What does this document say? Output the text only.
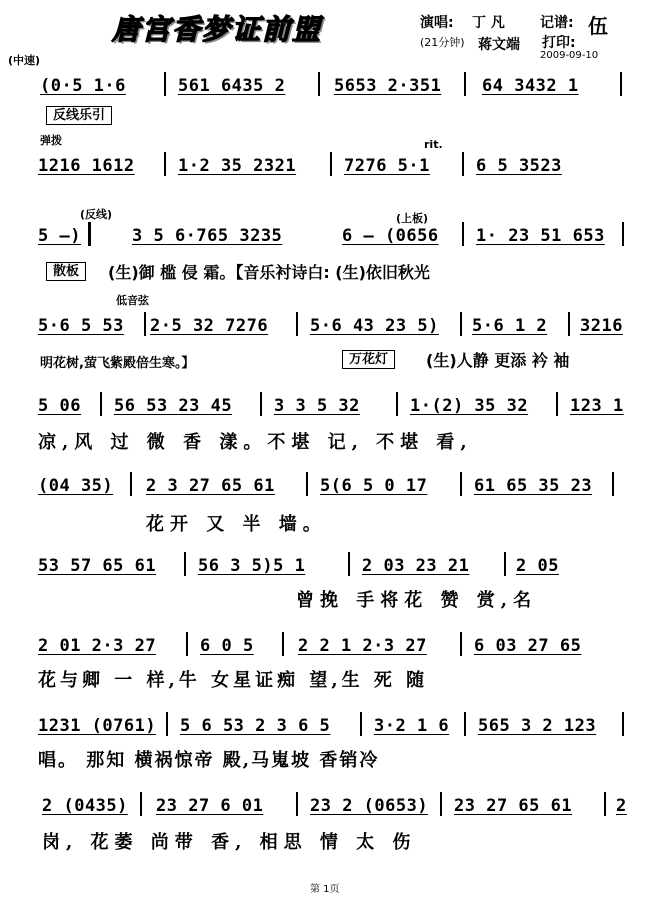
唐宫香梦证前盟	演唱: 丁 凡
(21分钟) 蒋文端
记谱: 伍
打印:
2009-09-10
(中速)
(0·5 1·6	561 6435 2	5653 2·351 64 3432 1
反线乐引
弹拨	rit.
1216 1612	1·2 35 2321	7276 5·1	6 5 3523
(反线)	(上板)
5 –)	3 5 6·765 3235	6 – (0656 1· 23 51 653
散板	(生)御 槛 侵 霜。【音乐衬诗白: (生)依旧秋光
低音弦
5·6 5 53 2·5 32 7276 5·6 43 23 5) 5·6 1 2 3216
明花树,萤飞紫殿倍生寒。】	万花灯	(生)人静 更添 衿 袖
5 06 56 53 23 45 3 3 5 32	1·(2) 35 32 123 1
凉,风 过 微 香 漾。不堪 记, 不堪 看,
(04 35) 2 3 27 65 61	5(6 5 0 17	61 65 35 23
花开 又 半 墙。
53 57 65 61 56 3 5)5 1	2 03 23 21	2 05
曾挽 手将花 赞 赏,名
2 01 2·3 27	6 0 5	2 2 1 2·3 27	6 03 27 65
花与卿 一 样,牛 女星证痴 望,生 死 随
1231 (0761) 5 6 53 2 3 6 5	3·2 1 6 565 3 2 123
唱。 那知 横祸惊帝 殿,马嵬坡 香销冷
2 (0435) 23 27 6 01	23 2 (0653) 23 27 65 61	2
岗, 花萎 尚带 香, 相思 情 太 伤
第 1页
